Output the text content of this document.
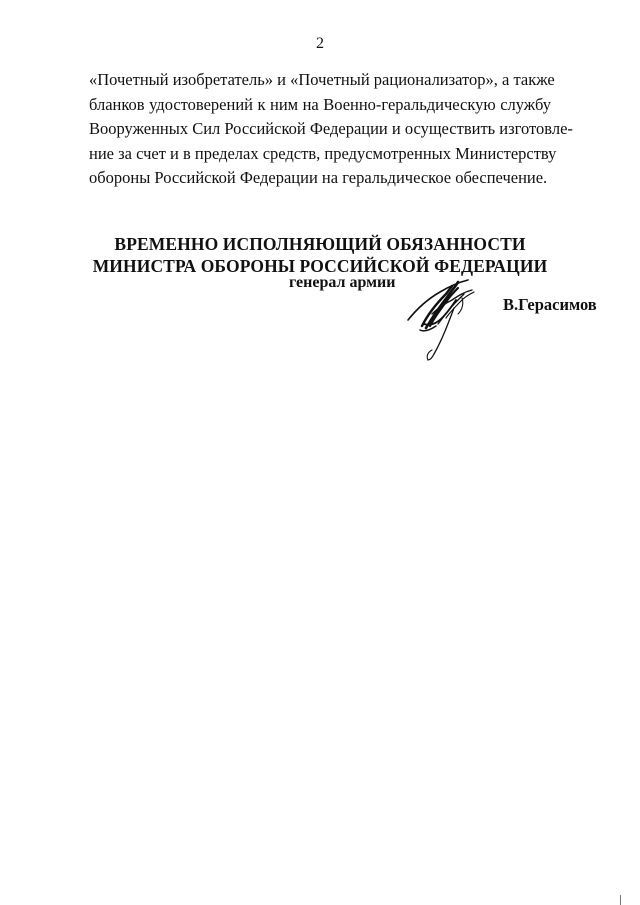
2
«Почетный изобретатель» и «Почетный рационализатор», а также
бланков удостоверений к ним на Военно-геральдическую службу
Вооруженных Сил Российской Федерации и осуществить изготовле-
ние за счет и в пределах средств, предусмотренных Министерству
обороны Российской Федерации на геральдическое обеспечение.
ВРЕМЕННО ИСПОЛНЯЮЩИЙ ОБЯЗАННОСТИ
МИНИСТРА ОБОРОНЫ РОССИЙСКОЙ ФЕДЕРАЦИИ
генерал армии
В.Герасимов
